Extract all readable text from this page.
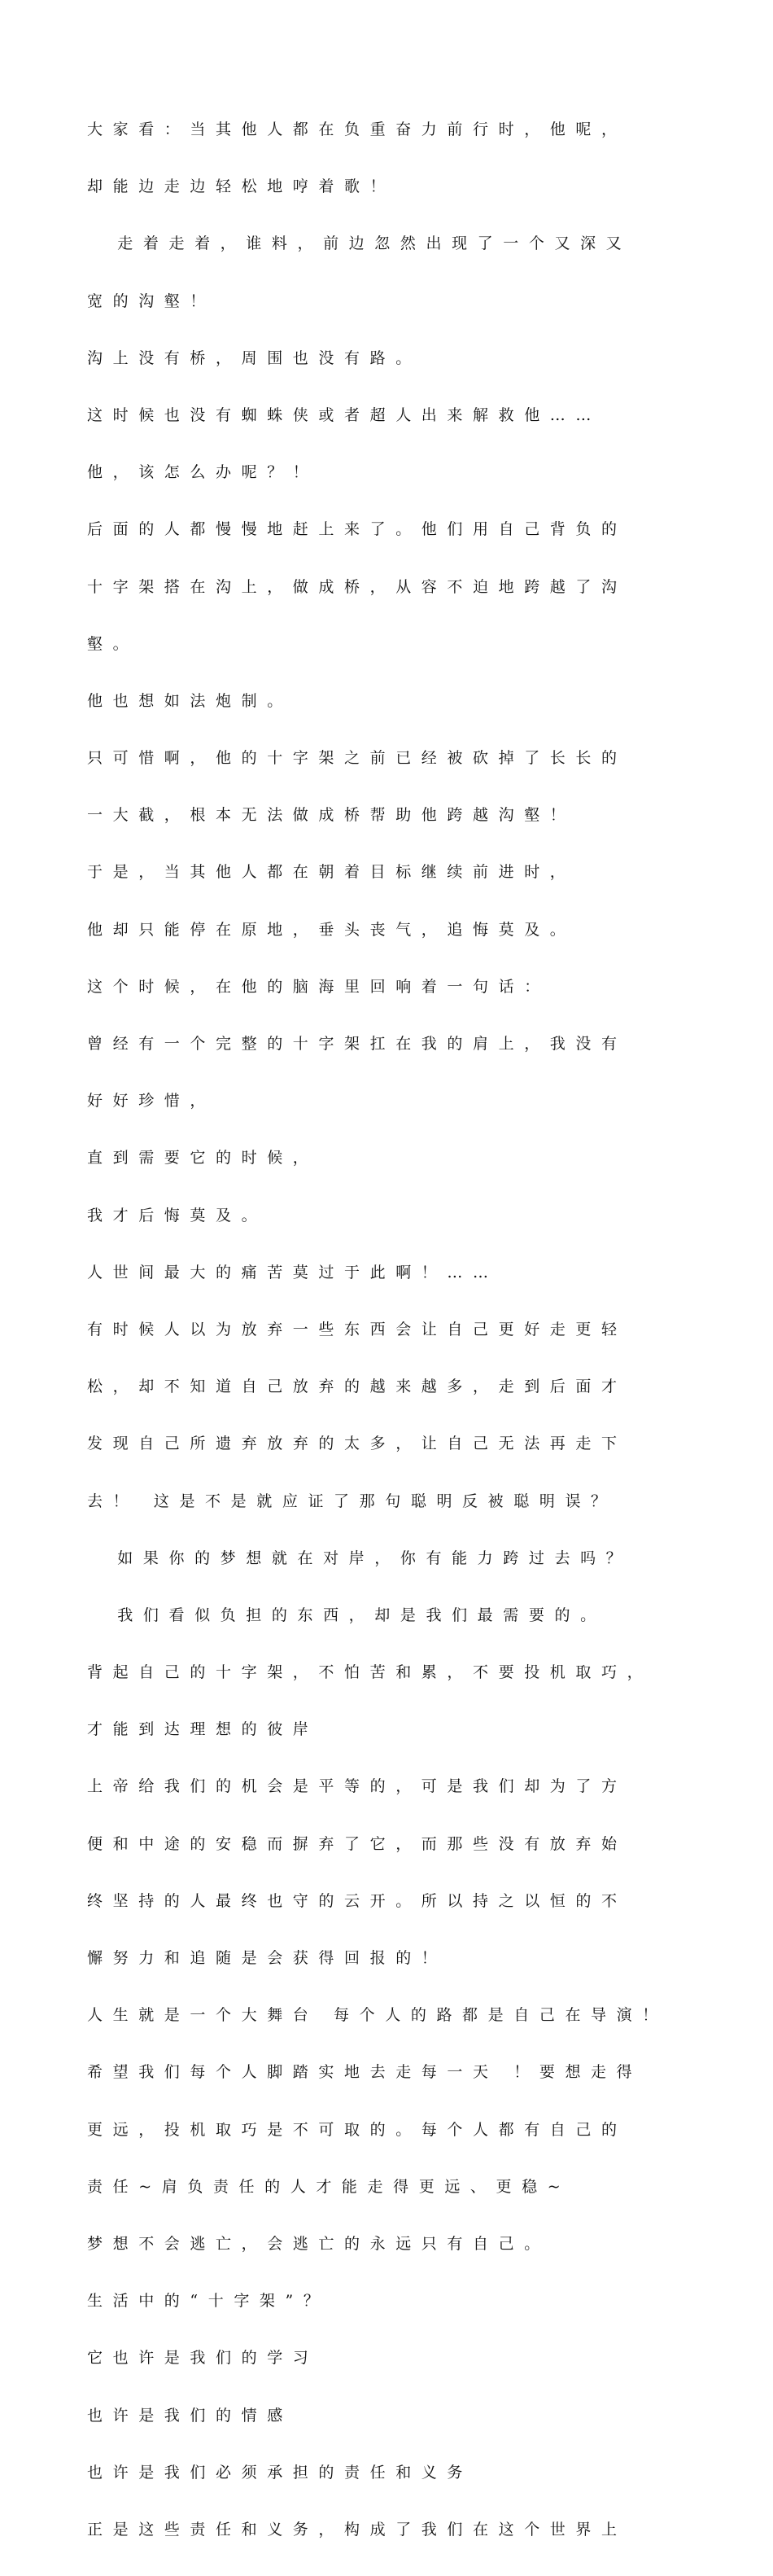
大家看：当其他人都在负重奋力前行时，他呢，

却能边走边轻松地哼着歌！

走着走着，谁料，前边忽然出现了一个又深又

宽的沟壑！

沟上没有桥，周围也没有路。

这时候也没有蜘蛛侠或者超人出来解救他……

他，该怎么办呢？！

后面的人都慢慢地赶上来了。他们用自己背负的

十字架搭在沟上，做成桥，从容不迫地跨越了沟

壑。

他也想如法炮制。

只可惜啊，他的十字架之前已经被砍掉了长长的

一大截，根本无法做成桥帮助他跨越沟壑！

于是，当其他人都在朝着目标继续前进时，

他却只能停在原地，垂头丧气，追悔莫及。

这个时候，在他的脑海里回响着一句话：

曾经有一个完整的十字架扛在我的肩上，我没有

好好珍惜，

直到需要它的时候，

我才后悔莫及。

人世间最大的痛苦莫过于此啊！……

有时候人以为放弃一些东西会让自己更好走更轻

松，却不知道自己放弃的越来越多，走到后面才

发现自己所遗弃放弃的太多，让自己无法再走下

去！ 这是不是就应证了那句聪明反被聪明误？

如果你的梦想就在对岸，你有能力跨过去吗？

我们看似负担的东西，却是我们最需要的。

背起自己的十字架，不怕苦和累，不要投机取巧，

才能到达理想的彼岸

上帝给我们的机会是平等的，可是我们却为了方

便和中途的安稳而摒弃了它，而那些没有放弃始

终坚持的人最终也守的云开。所以持之以恒的不

懈努力和追随是会获得回报的！

人生就是一个大舞台 每个人的路都是自己在导演！

希望我们每个人脚踏实地去走每一天 ！要想走得

更远，投机取巧是不可取的。每个人都有自己的

责任~肩负责任的人才能走得更远、更稳~

梦想不会逃亡，会逃亡的永远只有自己。

生活中的“十字架”？

它也许是我们的学习

也许是我们的情感

也许是我们必须承担的责任和义务

正是这些责任和义务，构成了我们在这个世界上
